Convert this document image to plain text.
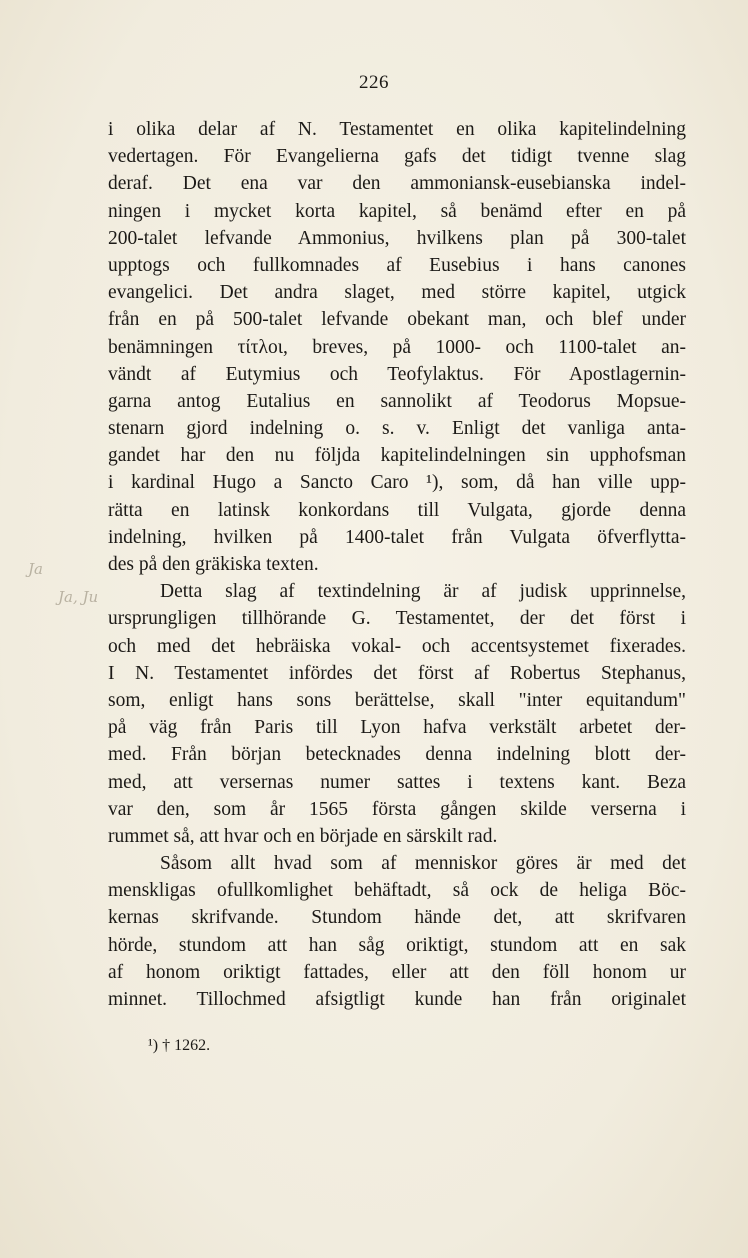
226
Ja
Ja, Ju
i olika delar af N. Testamentet en olika kapitelindelning
vedertagen. För Evangelierna gafs det tidigt tvenne slag
deraf. Det ena var den ammoniansk-eusebianska indel-
ningen i mycket korta kapitel, så benämd efter en på
200-talet lefvande Ammonius, hvilkens plan på 300-talet
upptogs och fullkomnades af Eusebius i hans canones
evangelici. Det andra slaget, med större kapitel, utgick
från en på 500-talet lefvande obekant man, och blef under
benämningen τίτλοι, breves, på 1000- och 1100-talet an-
vändt af Eutymius och Teofylaktus. För Apostlagernin-
garna antog Eutalius en sannolikt af Teodorus Mopsue-
stenarn gjord indelning o. s. v. Enligt det vanliga anta-
gandet har den nu följda kapitelindelningen sin upphofsman
i kardinal Hugo a Sancto Caro ¹), som, då han ville upp-
rätta en latinsk konkordans till Vulgata, gjorde denna
indelning, hvilken på 1400-talet från Vulgata öfverflytta-
des på den gräkiska texten.
Detta slag af textindelning är af judisk upprinnelse,
ursprungligen tillhörande G. Testamentet, der det först i
och med det hebräiska vokal- och accentsystemet fixerades.
I N. Testamentet infördes det först af Robertus Stephanus,
som, enligt hans sons berättelse, skall "inter equitandum"
på väg från Paris till Lyon hafva verkstält arbetet der-
med. Från början betecknades denna indelning blott der-
med, att versernas numer sattes i textens kant. Beza
var den, som år 1565 första gången skilde verserna i
rummet så, att hvar och en började en särskilt rad.
Såsom allt hvad som af menniskor göres är med det
menskligas ofullkomlighet behäftadt, så ock de heliga Böc-
kernas skrifvande. Stundom hände det, att skrifvaren
hörde, stundom att han såg oriktigt, stundom att en sak
af honom oriktigt fattades, eller att den föll honom ur
minnet. Tillochmed afsigtligt kunde han från originalet
¹) † 1262.
